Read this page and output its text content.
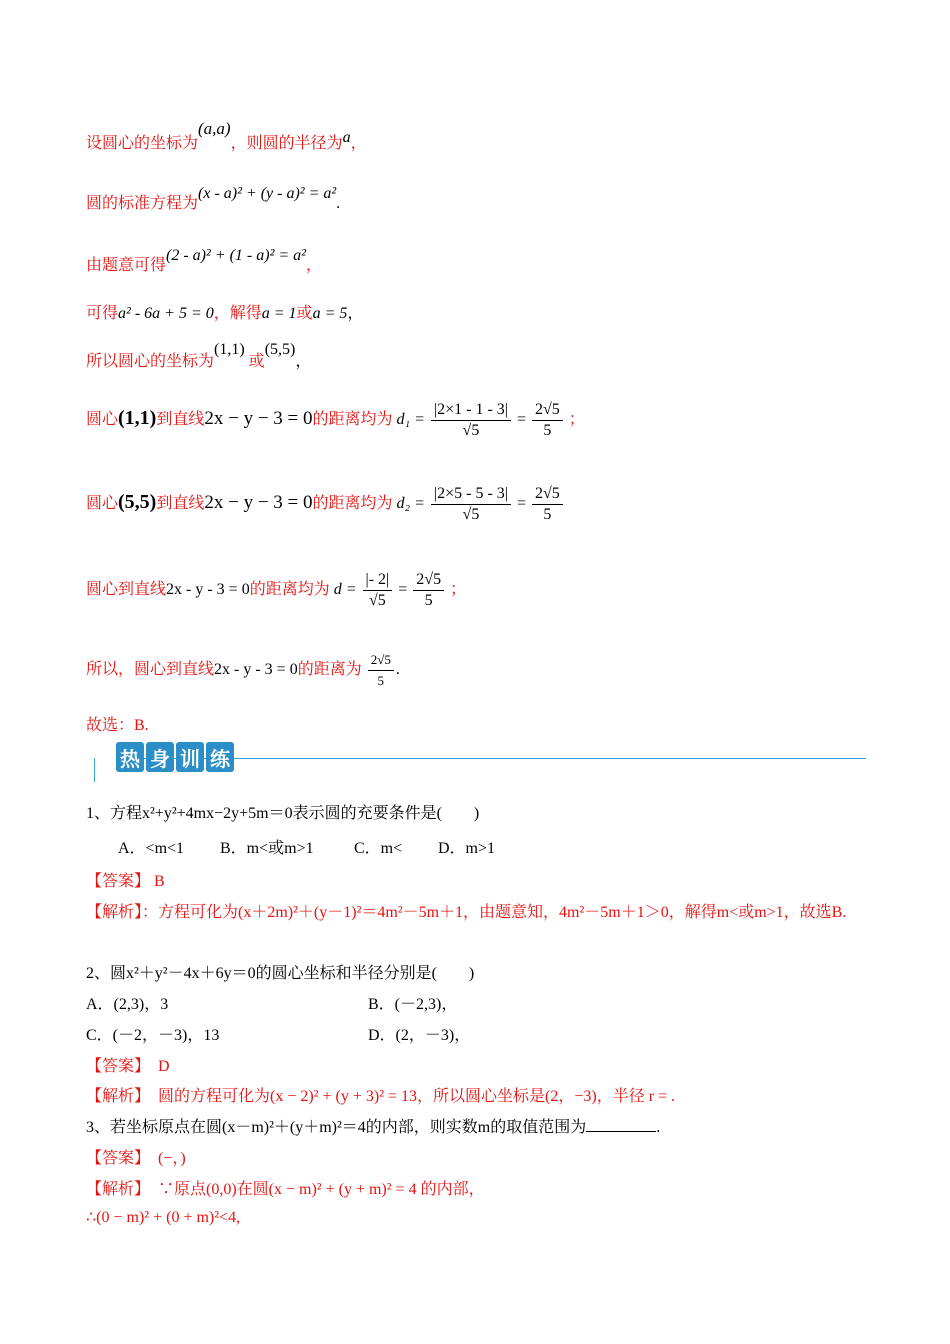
设圆心的坐标为(a,a)，则圆的半径为a，
圆的标准方程为(x - a)² + (y - a)² = a².
由题意可得(2 - a)² + (1 - a)² = a²，
可得a² - 6a + 5 = 0，解得a = 1或a = 5，
所以圆心的坐标为(1,1) 或(5,5)，
圆心(1,1)到直线2x − y − 3 = 0的距离均为 $d_1 = \frac{|2\times 1 - 1 - 3|}{√5} = \frac{2√5}{5}$ ；
圆心(5,5)到直线2x − y − 3 = 0的距离均为 $d_2 = \frac{|2\times 5 - 5 - 3|}{√5} = \frac{2√5}{5}$
圆心到直线2x - y - 3 = 0的距离均为 $d = \frac{|- 2|}{√5} = \frac{2√5}{5}$ ；
所以，圆心到直线2x - y - 3 = 0的距离为 $\frac{2√5}{5}$ .
故选：B.
热 身 训 练
1、方程x²+y²+4mx−2y+5m＝0表示圆的充要条件是(　　)
A．<m<1 B．m<或m>1	C．m< D．m>1
【答案】 B
【解析】：方程可化为(x＋2m)²＋(y－1)²＝4m²－5m＋1，由题意知，4m²－5m＋1＞0，解得m<或m>1，故选B.
2、圆x²＋y²－4x＋6y＝0的圆心坐标和半径分别是(　　)
A．(2,3)，3	B．(－2,3)，
C．(－2，－3)，13	D．(2，－3)，
【答案】 D
【解析】 圆的方程可化为(x − 2)² + (y + 3)² = 13，所以圆心坐标是(2，−3)，半径 r = .
3、若坐标原点在圆(x－m)²＋(y＋m)²＝4的内部，则实数m的取值范围为	.
【答案】 (−，)
【解析】 ∵原点(0,0)在圆(x − m)² + (y + m)² = 4 的内部，
∴(0 − m)² + (0 + m)²<4,
